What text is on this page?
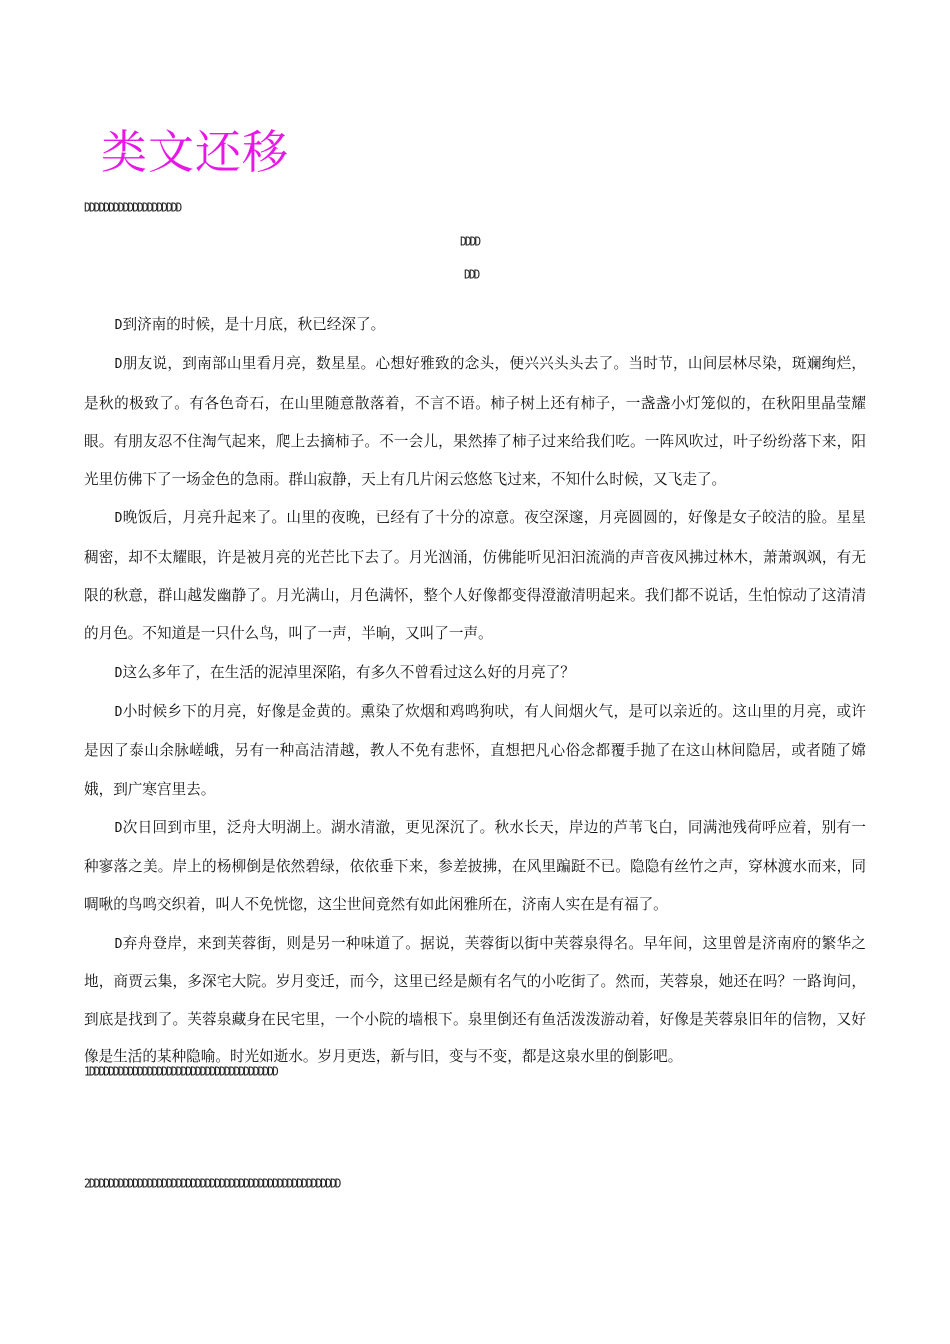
类文还移
DDDDDDDDDDDDDDDDDDDD
DDDD
DDD

D到济南的时候，是十月底，秋已经深了。

D朋友说，到南部山里看月亮，数星星。心想好雅致的念头，便兴兴头头去了。当时节，山间层林尽染，斑斓绚烂，是秋的极致了。有各色奇石，在山里随意散落着，不言不语。柿子树上还有柿子，一盏盏小灯笼似的，在秋阳里晶莹耀眼。有朋友忍不住淘气起来，爬上去摘柿子。不一会儿，果然捧了柿子过来给我们吃。一阵风吹过，叶子纷纷落下来，阳光里仿佛下了一场金色的急雨。群山寂静，天上有几片闲云悠悠飞过来，不知什么时候，又飞走了。

D晚饭后，月亮升起来了。山里的夜晚，已经有了十分的凉意。夜空深邃，月亮圆圆的，好像是女子皎洁的脸。星星稠密，却不太耀眼，许是被月亮的光芒比下去了。月光汹涌，仿佛能听见汩汩流淌的声音夜风拂过林木，萧萧飒飒，有无限的秋意，群山越发幽静了。月光满山，月色满怀，整个人好像都变得澄澈清明起来。我们都不说话，生怕惊动了这清清的月色。不知道是一只什么鸟，叫了一声，半晌，又叫了一声。

D这么多年了，在生活的泥淖里深陷，有多久不曾看过这么好的月亮了？

D小时候乡下的月亮，好像是金黄的。熏染了炊烟和鸡鸣狗吠，有人间烟火气，是可以亲近的。这山里的月亮，或许是因了泰山余脉嵯峨，另有一种高洁清越，教人不免有悲怀，直想把凡心俗念都覆手抛了在这山林间隐居，或者随了嫦娥，到广寒宫里去。

D次日回到市里，泛舟大明湖上。湖水清澈，更见深沉了。秋水长天，岸边的芦苇飞白，同满池残荷呼应着，别有一种寥落之美。岸上的杨柳倒是依然碧绿，依依垂下来，参差披拂，在风里蹁跹不已。隐隐有丝竹之声，穿林渡水而来，同啁啾的鸟鸣交织着，叫人不免恍惚，这尘世间竟然有如此闲雅所在，济南人实在是有福了。

D弃舟登岸，来到芙蓉街，则是另一种味道了。据说，芙蓉街以街中芙蓉泉得名。早年间，这里曾是济南府的繁华之地，商贾云集，多深宅大院。岁月变迁，而今，这里已经是颇有名气的小吃街了。然而，芙蓉泉，她还在吗？一路询问，到底是找到了。芙蓉泉藏身在民宅里，一个小院的墙根下。泉里倒还有鱼活泼泼游动着，好像是芙蓉泉旧年的信物，又好像是生活的某种隐喻。时光如逝水。岁月更迭，新与旧，变与不变，都是这泉水里的倒影吧。

1DDDDDDDDDDDDDDDDDDDDDDDDDDDDDDDDDDDDDDD
2DDDDDDDDDDDDDDDDDDDDDDDDDDDDDDDDDDDDDDDDDDDDDDDDDDDD
